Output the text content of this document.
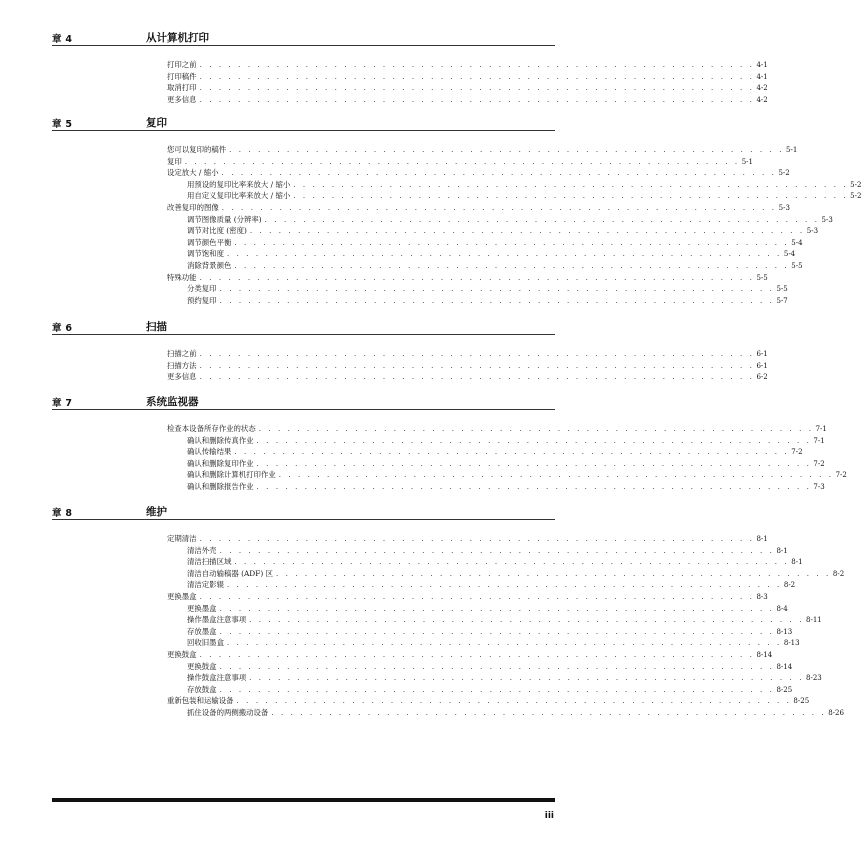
章 4	从计算机打印
打印之前 . . . . . . . . . . . . . . . . . . . . . . . . . . . . . . . . . . . . . . . . . . . . . . . . . . . . . . . . . . 4-1
打印稿件 . . . . . . . . . . . . . . . . . . . . . . . . . . . . . . . . . . . . . . . . . . . . . . . . . . . . . . . . . . 4-1
取消打印 . . . . . . . . . . . . . . . . . . . . . . . . . . . . . . . . . . . . . . . . . . . . . . . . . . . . . . . . . . 4-2
更多信息 . . . . . . . . . . . . . . . . . . . . . . . . . . . . . . . . . . . . . . . . . . . . . . . . . . . . . . . . . . 4-2
章 5	复印
您可以复印的稿件 . . . . . . . . . . . . . . . . . . . . . . . . . . . . . . . . . . . . . . . . . . . . . . . . . . . . . . . . . . 5-1
复印 . . . . . . . . . . . . . . . . . . . . . . . . . . . . . . . . . . . . . . . . . . . . . . . . . . . . . . . . . . 5-1
设定放大 / 缩小 . . . . . . . . . . . . . . . . . . . . . . . . . . . . . . . . . . . . . . . . . . . . . . . . . . . . . . . . . . 5-2
用预设的复印比率来放大 / 缩小 . . . . . . . . . . . . . . . . . . . . . . . . . . . . . . . . . . . . . . . . . . . . . . . . . . . . . . . . . . 5-2
用自定义复印比率来放大 / 缩小 . . . . . . . . . . . . . . . . . . . . . . . . . . . . . . . . . . . . . . . . . . . . . . . . . . . . . . . . . . 5-2
改善复印的图像 . . . . . . . . . . . . . . . . . . . . . . . . . . . . . . . . . . . . . . . . . . . . . . . . . . . . . . . . . . 5-3
调节图像质量 (分辨率) . . . . . . . . . . . . . . . . . . . . . . . . . . . . . . . . . . . . . . . . . . . . . . . . . . . . . . . . . . 5-3
调节对比度 (密度) . . . . . . . . . . . . . . . . . . . . . . . . . . . . . . . . . . . . . . . . . . . . . . . . . . . . . . . . . . 5-3
调节颜色平衡 . . . . . . . . . . . . . . . . . . . . . . . . . . . . . . . . . . . . . . . . . . . . . . . . . . . . . . . . . . 5-4
调节饱和度 . . . . . . . . . . . . . . . . . . . . . . . . . . . . . . . . . . . . . . . . . . . . . . . . . . . . . . . . . . 5-4
消除背景颜色 . . . . . . . . . . . . . . . . . . . . . . . . . . . . . . . . . . . . . . . . . . . . . . . . . . . . . . . . . . 5-5
特殊功能 . . . . . . . . . . . . . . . . . . . . . . . . . . . . . . . . . . . . . . . . . . . . . . . . . . . . . . . . . . 5-5
分类复印 . . . . . . . . . . . . . . . . . . . . . . . . . . . . . . . . . . . . . . . . . . . . . . . . . . . . . . . . . . 5-5
预约复印 . . . . . . . . . . . . . . . . . . . . . . . . . . . . . . . . . . . . . . . . . . . . . . . . . . . . . . . . . . 5-7
章 6	扫描
扫描之前 . . . . . . . . . . . . . . . . . . . . . . . . . . . . . . . . . . . . . . . . . . . . . . . . . . . . . . . . . . 6-1
扫描方法 . . . . . . . . . . . . . . . . . . . . . . . . . . . . . . . . . . . . . . . . . . . . . . . . . . . . . . . . . . 6-1
更多信息 . . . . . . . . . . . . . . . . . . . . . . . . . . . . . . . . . . . . . . . . . . . . . . . . . . . . . . . . . . 6-2
章 7	系统监视器
检查本设备所存作业的状态 . . . . . . . . . . . . . . . . . . . . . . . . . . . . . . . . . . . . . . . . . . . . . . . . . . . . . . . . . . 7-1
确认和删除传真作业 . . . . . . . . . . . . . . . . . . . . . . . . . . . . . . . . . . . . . . . . . . . . . . . . . . . . . . . . . . 7-1
确认传输结果 . . . . . . . . . . . . . . . . . . . . . . . . . . . . . . . . . . . . . . . . . . . . . . . . . . . . . . . . . . 7-2
确认和删除复印作业 . . . . . . . . . . . . . . . . . . . . . . . . . . . . . . . . . . . . . . . . . . . . . . . . . . . . . . . . . . 7-2
确认和删除计算机打印作业 . . . . . . . . . . . . . . . . . . . . . . . . . . . . . . . . . . . . . . . . . . . . . . . . . . . . . . . . . . 7-2
确认和删除报告作业 . . . . . . . . . . . . . . . . . . . . . . . . . . . . . . . . . . . . . . . . . . . . . . . . . . . . . . . . . . 7-3
章 8	维护
定期清洁 . . . . . . . . . . . . . . . . . . . . . . . . . . . . . . . . . . . . . . . . . . . . . . . . . . . . . . . . . . 8-1
清洁外壳 . . . . . . . . . . . . . . . . . . . . . . . . . . . . . . . . . . . . . . . . . . . . . . . . . . . . . . . . . . 8-1
清洁扫描区域 . . . . . . . . . . . . . . . . . . . . . . . . . . . . . . . . . . . . . . . . . . . . . . . . . . . . . . . . . . 8-1
清洁自动输稿器 (ADF) 区 . . . . . . . . . . . . . . . . . . . . . . . . . . . . . . . . . . . . . . . . . . . . . . . . . . . . . . . . . . 8-2
清洁定影辊 . . . . . . . . . . . . . . . . . . . . . . . . . . . . . . . . . . . . . . . . . . . . . . . . . . . . . . . . . . 8-2
更换墨盒 . . . . . . . . . . . . . . . . . . . . . . . . . . . . . . . . . . . . . . . . . . . . . . . . . . . . . . . . . . 8-3
更换墨盒 . . . . . . . . . . . . . . . . . . . . . . . . . . . . . . . . . . . . . . . . . . . . . . . . . . . . . . . . . . 8-4
操作墨盒注意事项 . . . . . . . . . . . . . . . . . . . . . . . . . . . . . . . . . . . . . . . . . . . . . . . . . . . . . . . . . . 8-11
存放墨盒 . . . . . . . . . . . . . . . . . . . . . . . . . . . . . . . . . . . . . . . . . . . . . . . . . . . . . . . . . . 8-13
回收旧墨盒 . . . . . . . . . . . . . . . . . . . . . . . . . . . . . . . . . . . . . . . . . . . . . . . . . . . . . . . . . . 8-13
更换鼓盒 . . . . . . . . . . . . . . . . . . . . . . . . . . . . . . . . . . . . . . . . . . . . . . . . . . . . . . . . . . 8-14
更换鼓盒 . . . . . . . . . . . . . . . . . . . . . . . . . . . . . . . . . . . . . . . . . . . . . . . . . . . . . . . . . . 8-14
操作鼓盒注意事项 . . . . . . . . . . . . . . . . . . . . . . . . . . . . . . . . . . . . . . . . . . . . . . . . . . . . . . . . . . 8-23
存放鼓盒 . . . . . . . . . . . . . . . . . . . . . . . . . . . . . . . . . . . . . . . . . . . . . . . . . . . . . . . . . . 8-25
重新包装和运输设备 . . . . . . . . . . . . . . . . . . . . . . . . . . . . . . . . . . . . . . . . . . . . . . . . . . . . . . . . . . 8-25
抓住设备的两侧搬动设备 . . . . . . . . . . . . . . . . . . . . . . . . . . . . . . . . . . . . . . . . . . . . . . . . . . . . . . . . . . 8-26
iii
